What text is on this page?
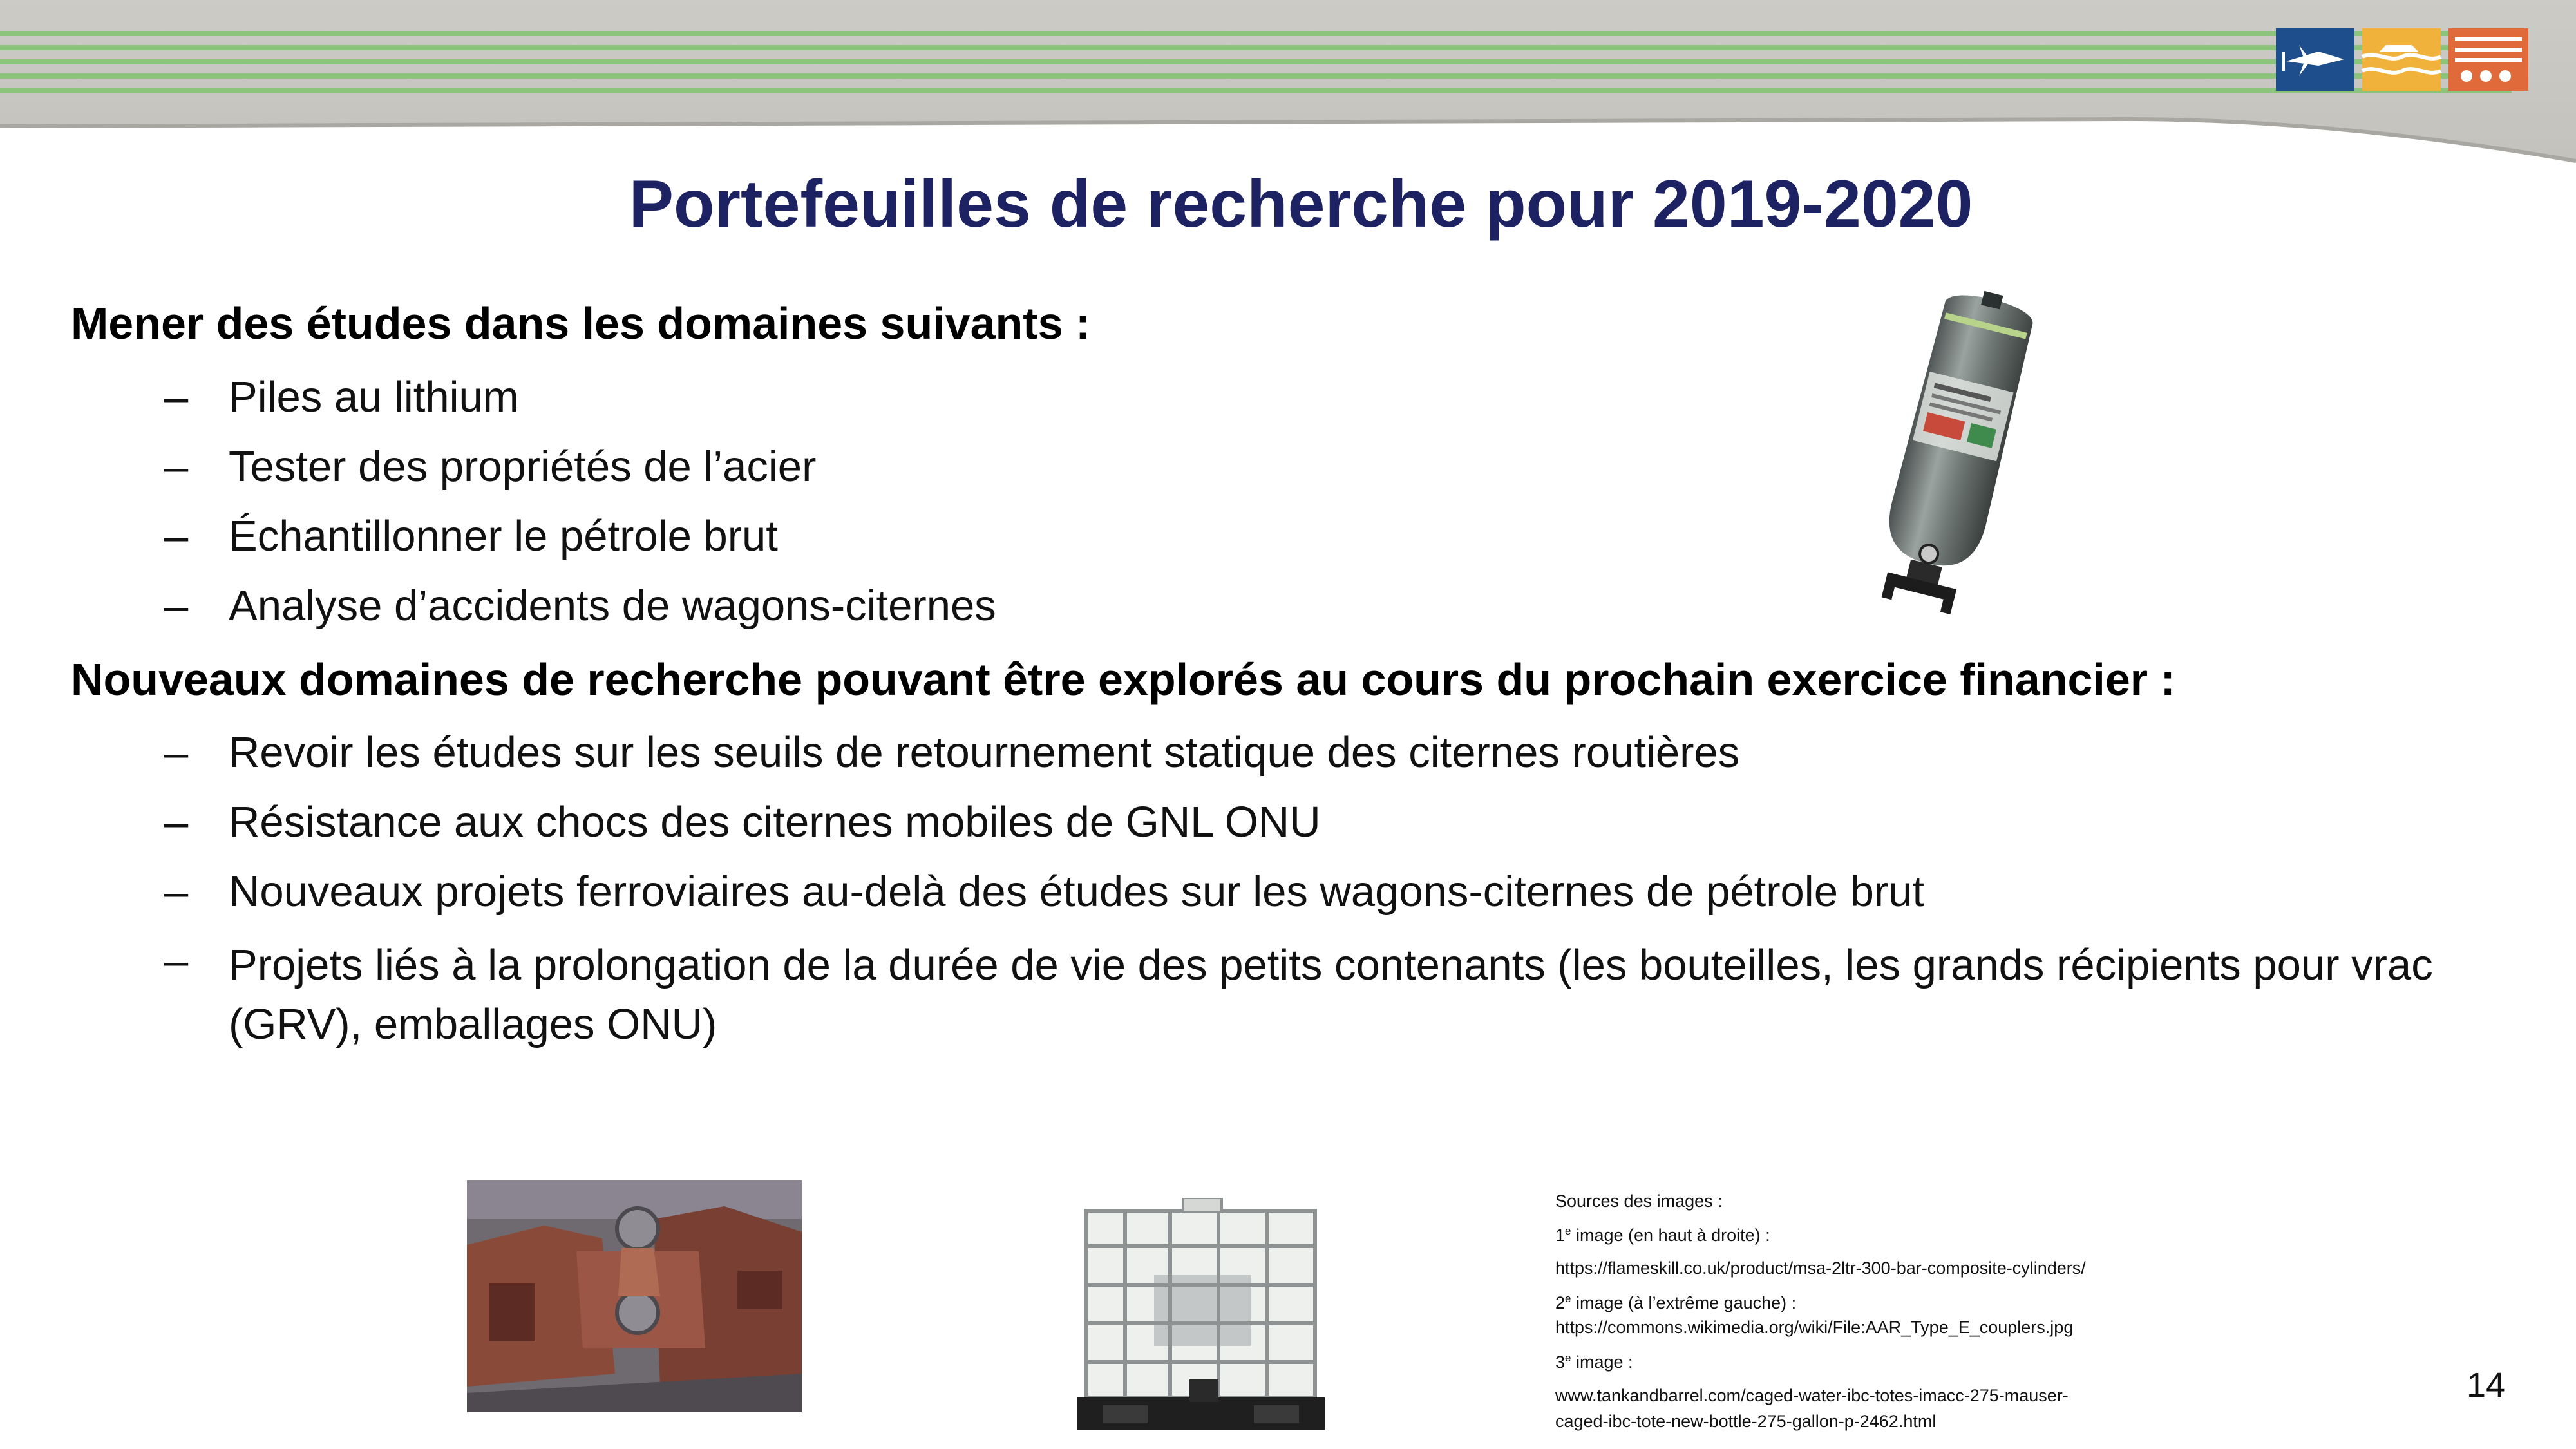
Portefeuilles de recherche pour 2019-2020

Mener des études dans les domaines suivants :

– Piles au lithium
– Tester des propriétés de l’acier
– Échantillonner le pétrole brut
– Analyse d’accidents de wagons-citernes

Nouveaux domaines de recherche pouvant être explorés au cours du prochain exercice financier :

– Revoir les études sur les seuils de retournement statique des citernes routières
– Résistance aux chocs des citernes mobiles de GNL ONU
– Nouveaux projets ferroviaires au-delà des études sur les wagons-citernes de pétrole brut
– Projets liés à la prolongation de la durée de vie des petits contenants (les bouteilles, les grands récipients pour vrac (GRV), emballages ONU)
Sources des images :
1e image (en haut à droite) :
https://flameskill.co.uk/product/msa-2ltr-300-bar-composite-cylinders/
2e image (à l’extrême gauche) :
https://commons.wikimedia.org/wiki/File:AAR_Type_E_couplers.jpg
3e image :
www.tankandbarrel.com/caged-water-ibc-totes-imacc-275-mauser-
caged-ibc-tote-new-bottle-275-gallon-p-2462.html
14
